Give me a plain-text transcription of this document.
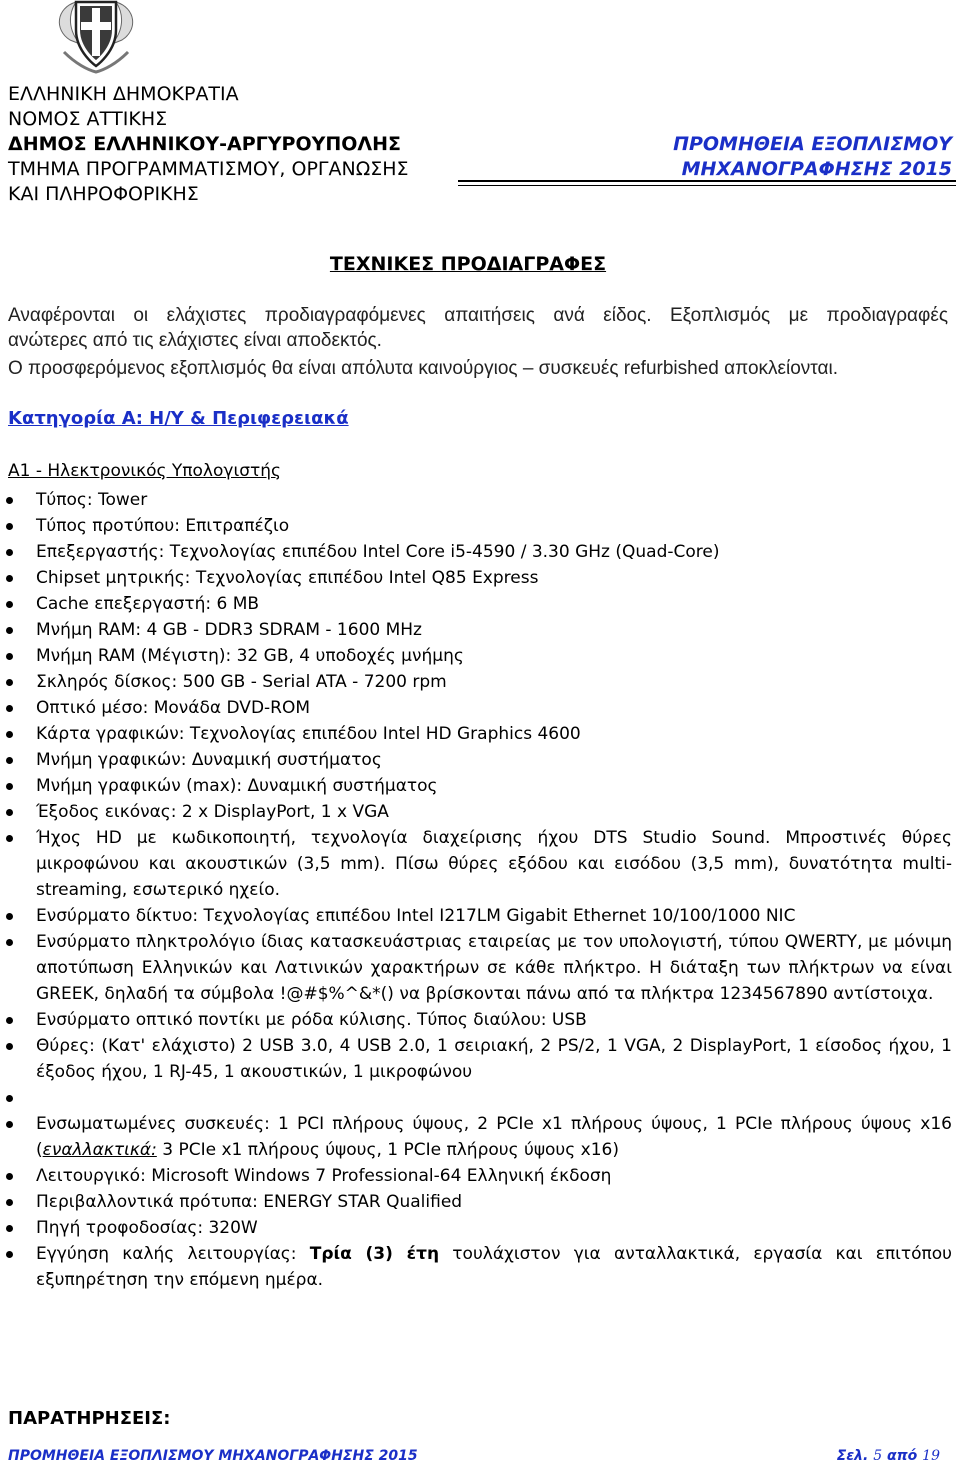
ΕΛΛΗΝΙΚΗ ΔΗΜΟΚΡΑΤΙΑ
ΝΟΜΟΣ ΑΤΤΙΚΗΣ
ΔΗΜΟΣ ΕΛΛΗΝΙΚΟΥ-ΑΡΓΥΡΟΥΠΟΛΗΣ
ΤΜΗΜΑ ΠΡΟΓΡΑΜΜΑΤΙΣΜΟΥ, ΟΡΓΑΝΩΣΗΣ
ΚΑΙ ΠΛΗΡΟΦΟΡΙΚΗΣ
ΠΡΟΜΗΘΕΙΑ ΕΞΟΠΛΙΣΜΟΥ
ΜΗΧΑΝΟΓΡΑΦΗΣΗΣ 2015
ΤΕΧΝΙΚΕΣ ΠΡΟΔΙΑΓΡΑΦΕΣ
Αναφέρονται οι ελάχιστες προδιαγραφόμενες απαιτήσεις ανά είδος. Εξοπλισμός με προδιαγραφές
ανώτερες από τις ελάχιστες είναι αποδεκτός.
Ο προσφερόμενος εξοπλισμός θα είναι απόλυτα καινούργιος – συσκευές refurbished αποκλείονται.
Κατηγορία Α: Η/Υ & Περιφερειακά
Α1 - Ηλεκτρονικός Υπολογιστής
Τύπος: Tower
Τύπος προτύπου: Επιτραπέζιο
Επεξεργαστής: Τεχνολογίας επιπέδου Intel Core i5-4590 / 3.30 GHz (Quad-Core)
Chipset μητρικής: Τεχνολογίας επιπέδου Intel Q85 Express
Cache επεξεργαστή: 6 MB
Μνήμη RAM: 4 GB - DDR3 SDRAM - 1600 MHz
Μνήμη RAM (Μέγιστη): 32 GB, 4 υποδοχές μνήμης
Σκληρός δίσκος: 500 GB - Serial ATA - 7200 rpm
Οπτικό μέσο: Μονάδα DVD-ROM
Κάρτα γραφικών: Τεχνολογίας επιπέδου Intel HD Graphics 4600
Μνήμη γραφικών: Δυναμική συστήματος
Μνήμη γραφικών (max): Δυναμική συστήματος
Έξοδος εικόνας: 2 x DisplayPort, 1 x VGA
Ήχος HD με κωδικοποιητή, τεχνολογία διαχείρισης ήχου DTS Studio Sound. Μπροστινές θύρες μικροφώνου και ακουστικών (3,5 mm). Πίσω θύρες εξόδου και εισόδου (3,5 mm), δυνατότητα multi-streaming, εσωτερικό ηχείο.
Ενσύρματο δίκτυο: Τεχνολογίας επιπέδου Intel I217LM Gigabit Ethernet 10/100/1000 NIC
Ενσύρματο πληκτρολόγιο ίδιας κατασκευάστριας εταιρείας με τον υπολογιστή, τύπου QWERTY, με μόνιμη αποτύπωση Ελληνικών και Λατινικών χαρακτήρων σε κάθε πλήκτρο. Η διάταξη των πλήκτρων να είναι GREEK, δηλαδή τα σύμβολα !@#$%^&*() να βρίσκονται πάνω από τα πλήκτρα 1234567890 αντίστοιχα.
Ενσύρματο οπτικό ποντίκι με ρόδα κύλισης. Τύπος διαύλου: USB
Θύρες: (Κατ' ελάχιστο) 2 USB 3.0, 4 USB 2.0, 1 σειριακή, 2 PS/2, 1 VGA, 2 DisplayPort, 1 είσοδος ήχου, 1 έξοδος ήχου, 1 RJ-45, 1 ακουστικών, 1 μικροφώνου

Ενσωματωμένες συσκευές: 1 PCI πλήρους ύψους, 2 PCIe x1 πλήρους ύψους, 1 PCIe πλήρους ύψους x16 (εναλλακτικά: 3 PCIe x1 πλήρους ύψους, 1 PCIe πλήρους ύψους x16)
Λειτουργικό: Microsoft Windows 7 Professional-64 Ελληνική έκδοση
Περιβαλλοντικά πρότυπα: ENERGY STAR Qualified
Πηγή τροφοδοσίας: 320W
Εγγύηση καλής λειτουργίας: Τρία (3) έτη τουλάχιστον για ανταλλακτικά, εργασία και επιτόπου εξυπηρέτηση την επόμενη ημέρα.
ΠΑΡΑΤΗΡΗΣΕΙΣ:
ΠΡΟΜΗΘΕΙΑ ΕΞΟΠΛΙΣΜΟΥ ΜΗΧΑΝΟΓΡΑΦΗΣΗΣ 2015	Σελ. 5 από 19
